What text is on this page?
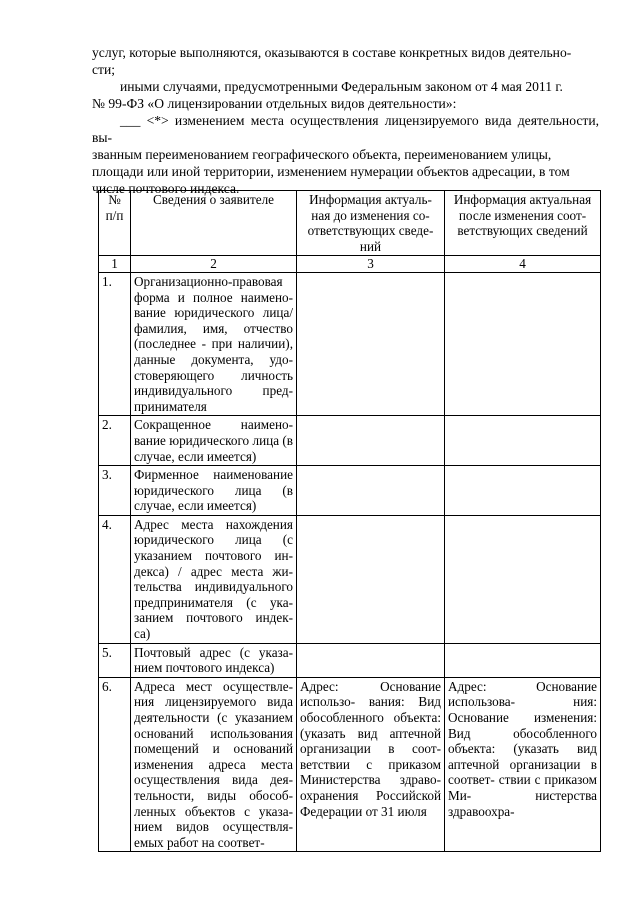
услуг, которые выполняются, оказываются в составе конкретных видов деятельно-

сти;

иными случаями, предусмотренными Федеральным законом от 4 мая 2011 г.

№ 99-ФЗ «О лицензировании отдельных видов деятельности»:

___ <*> изменением места осуществления лицензируемого вида деятельности, вы-

званным переименованием географического объекта, переименованием улицы,

площади или иной территории, изменением нумерации объектов адресации, в том

числе почтового индекса.

№ п/п	Сведения о заявителе	Информация актуаль- ная до изменения со- ответствующих сведе- ний	Информация актуальная после изменения соот- ветствующих сведений
1	2	3	4
1.	Организационно-правовая форма и полное наимено- вание юридического лица/ фамилия, имя, отчество (последнее - при наличии), данные документа, удо- стоверяющего личность индивидуального пред- принимателя		
2.	Сокращенное наимено- вание юридического лица (в случае, если имеется)		
3.	Фирменное наименование юридического лица (в случае, если имеется)		
4.	Адрес места нахождения юридического лица (с указанием почтового ин- декса) / адрес места жи- тельства индивидуального предпринимателя (с ука- занием почтового индек- са)		
5.	Почтовый адрес (с указа- нием почтового индекса)		
6.	Адреса мест осуществле- ния лицензируемого вида деятельности (с указанием оснований использования помещений и оснований изменения адреса места осуществления вида дея- тельности, виды обособ- ленных объектов с указа- нием видов осуществля- емых работ на соответ-	Адрес: Основание использо- вания: Вид обособленного объекта: (указать вид аптечной организации в соот- ветствии с приказом Министерства здраво- охранения Российской Федерации от 31 июля	Адрес: Основание использова- ния: Основание изменения: Вид обособленного объекта: (указать вид аптечной организации в соответ- ствии с приказом Ми- нистерства здравоохра-
